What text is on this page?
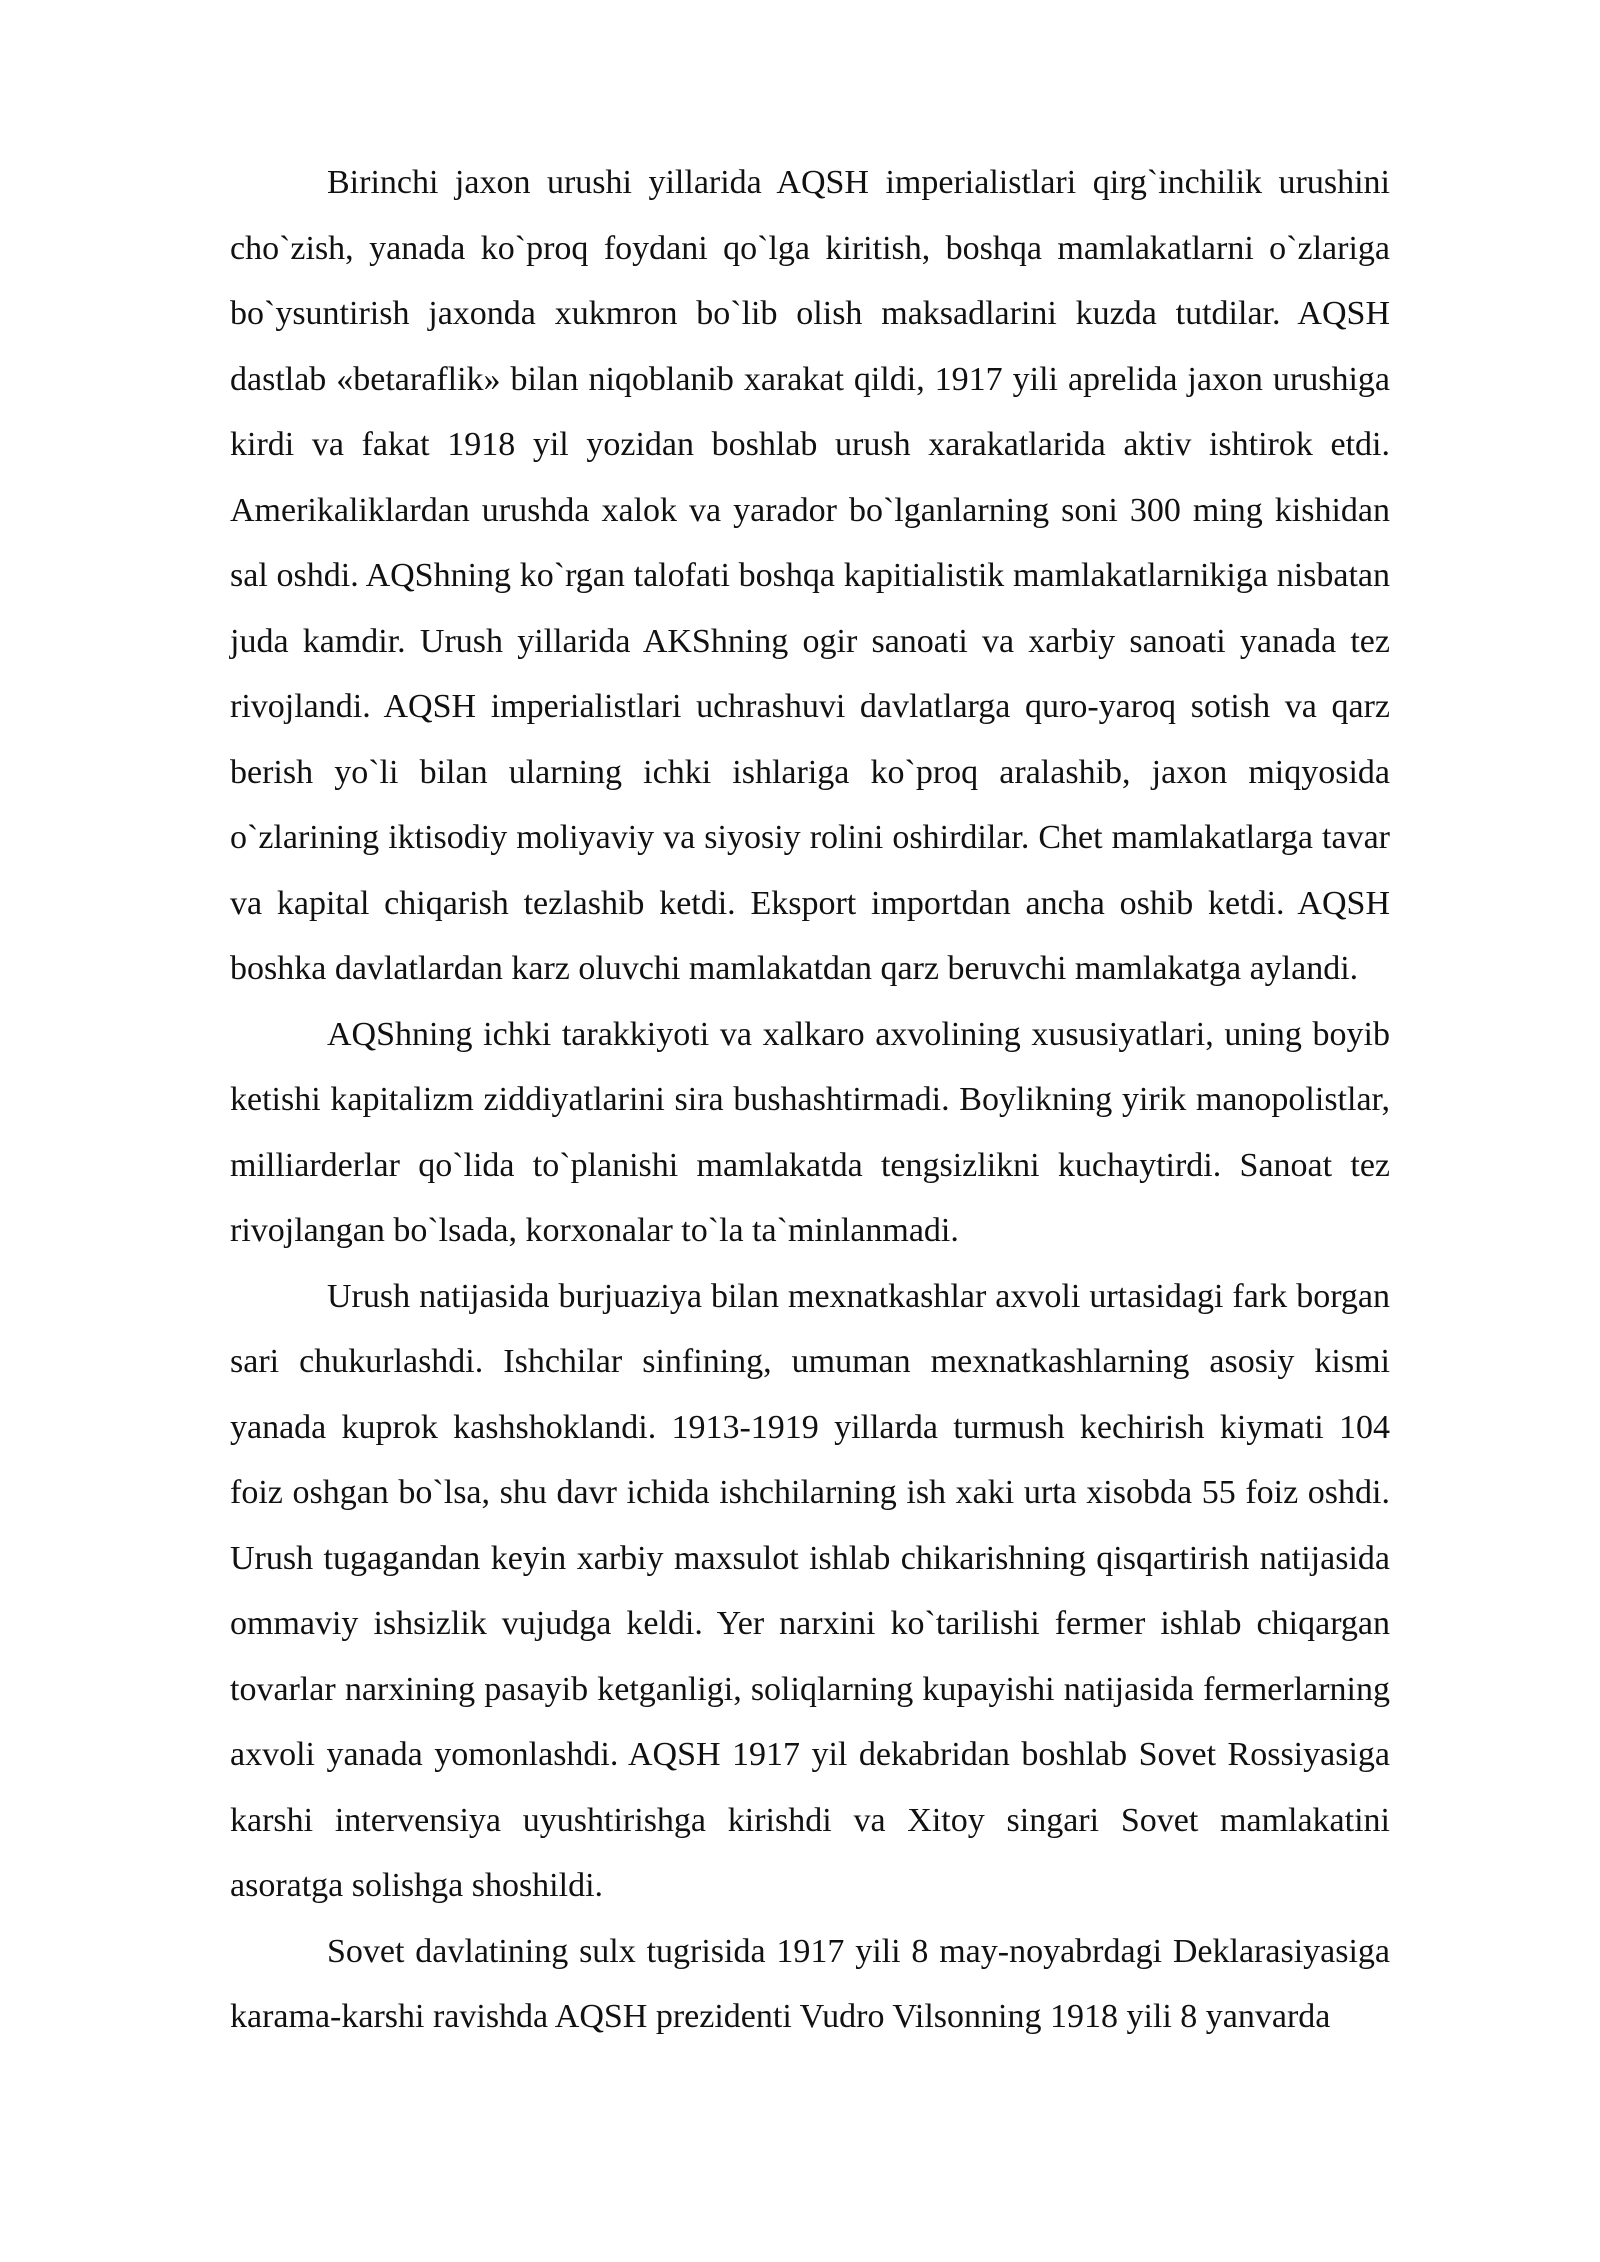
Birinchi jaxon urushi yillarida AQSH imperialistlari qirg`inchilik urushini cho`zish, yanada ko`proq foydani qo`lga kiritish, boshqa mamlakatlarni o`zlariga bo`ysuntirish jaxonda xukmron bo`lib olish maksadlarini kuzda tutdilar. AQSH dastlab «betaraflik» bilan niqoblanib xarakat qildi, 1917 yili aprelida jaxon urushiga kirdi va fakat 1918 yil yozidan boshlab urush xarakatlarida aktiv ishtirok etdi. Amerikaliklardan urushda xalok va yarador bo`lganlarning soni 300 ming kishidan sal oshdi. AQShning ko`rgan talofati boshqa kapitialistik mamlakatlarnikiga nisbatan juda kamdir. Urush yillarida AKShning ogir sanoati va xarbiy sanoati yanada tez rivojlandi. AQSH imperialistlari uchrashuvi davlatlarga quro-yaroq sotish va qarz berish yo`li bilan ularning ichki ishlariga ko`proq aralashib, jaxon miqyosida o`zlarining iktisodiy moliyaviy va siyosiy rolini oshirdilar. Chet mamlakatlarga tavar va kapital chiqarish tezlashib ketdi. Eksport importdan ancha oshib ketdi. AQSH boshka davlatlardan karz oluvchi mamlakatdan qarz beruvchi mamlakatga aylandi.

AQShning ichki tarakkiyoti va xalkaro axvolining xususiyatlari, uning boyib ketishi kapitalizm ziddiyatlarini sira bushashtirmadi. Boylikning yirik manopolistlar, milliarderlar qo`lida to`planishi mamlakatda tengsizlikni kuchaytirdi. Sanoat tez rivojlangan bo`lsada, korxonalar to`la ta`minlanmadi.

Urush natijasida burjuaziya bilan mexnatkashlar axvoli urtasidagi fark borgan sari chukurlashdi. Ishchilar sinfining, umuman mexnatkashlarning asosiy kismi yanada kuprok kashshoklandi. 1913-1919 yillarda turmush kechirish kiymati 104 foiz oshgan bo`lsa, shu davr ichida ishchilarning ish xaki urta xisobda 55 foiz oshdi. Urush tugagandan keyin xarbiy maxsulot ishlab chikarishning qisqartirish natijasida ommaviy ishsizlik vujudga keldi. Yer narxini ko`tarilishi fermer ishlab chiqargan tovarlar narxining pasayib ketganligi, soliqlarning kupayishi natijasida fermerlarning axvoli yanada yomonlashdi. AQSH 1917 yil dekabridan boshlab Sovet Rossiyasiga karshi intervensiya uyushtirishga kirishdi va Xitoy singari Sovet mamlakatini asoratga solishga shoshildi.

Sovet davlatining sulx tugrisida 1917 yili 8 may-noyabrdagi Deklarasiyasiga karama-karshi ravishda AQSH prezidenti Vudro Vilsonning 1918 yili 8 yanvarda
